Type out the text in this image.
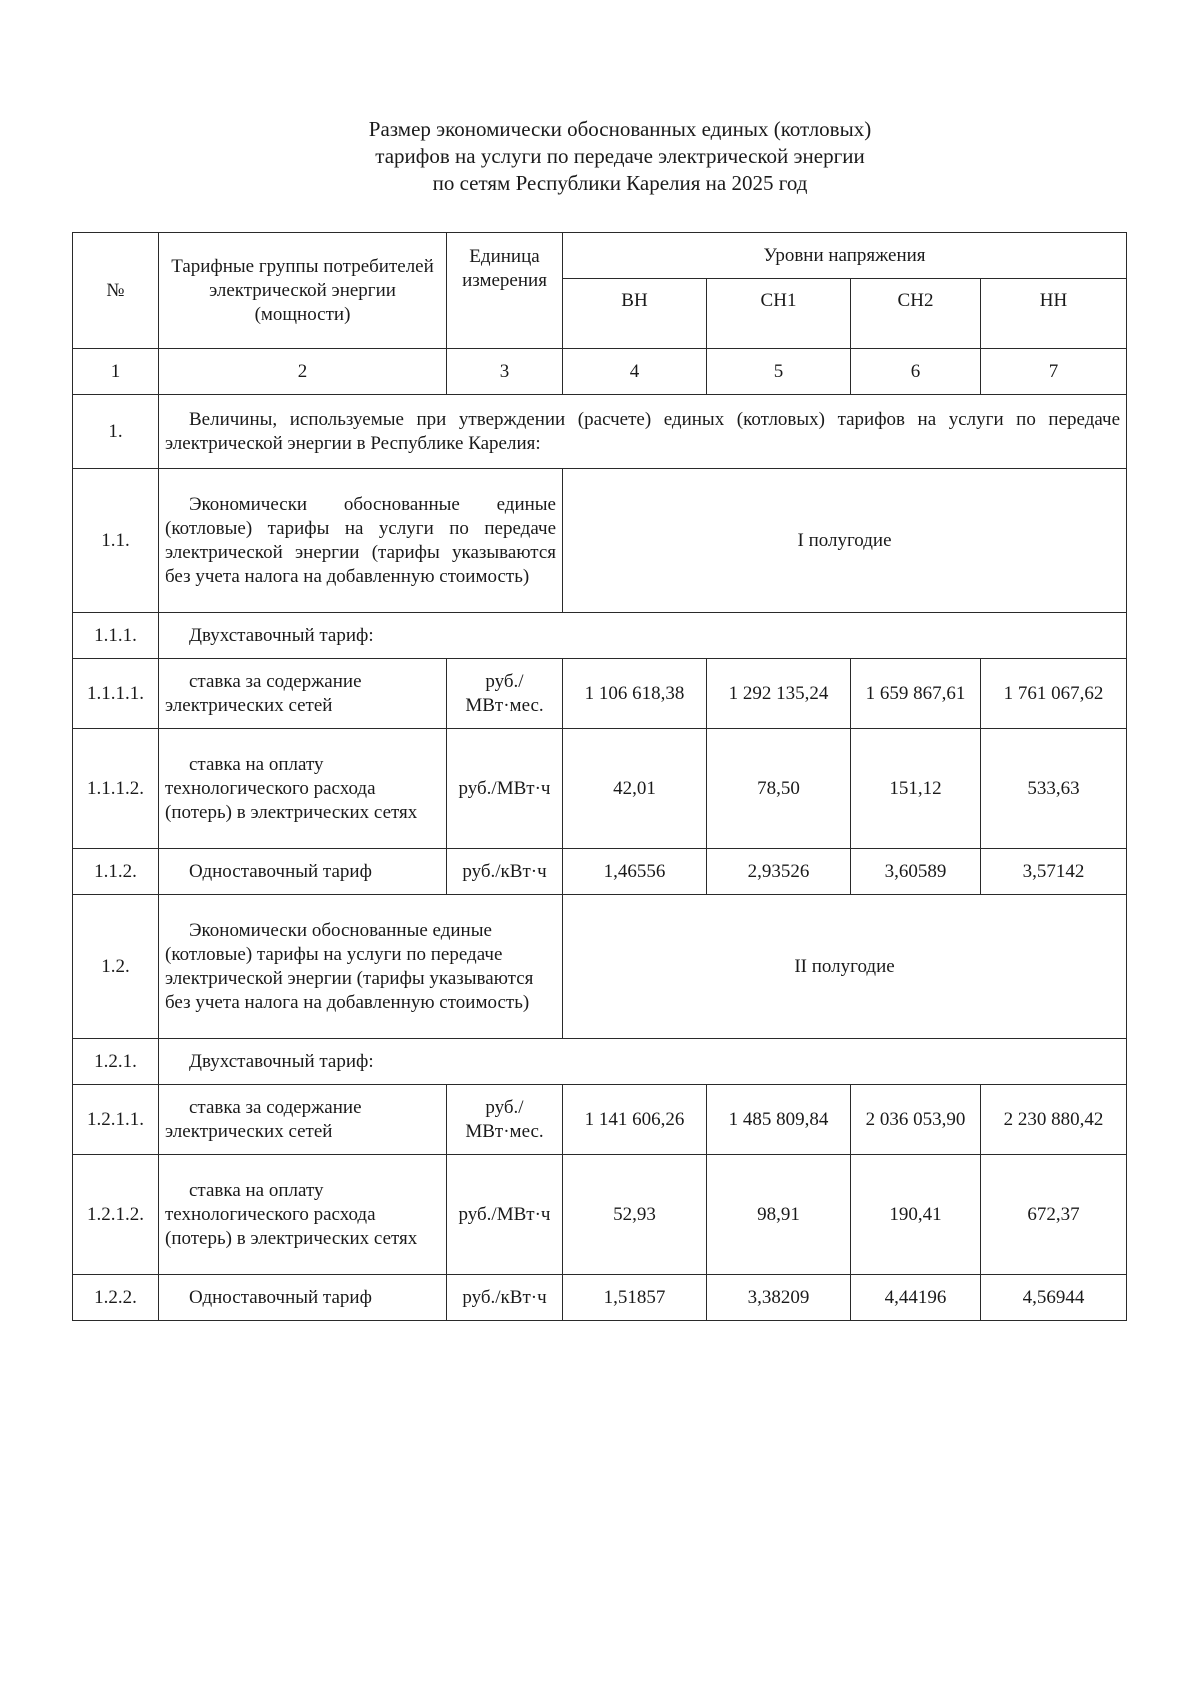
Размер экономически обоснованных единых (котловых)
тарифов на услуги по передаче электрической энергии
по сетям Республики Карелия на 2025 год
№	Тарифные группы потребителей электрической энергии (мощности)	Единица измерения	Уровни напряжения			
			ВН	СН1	СН2	НН
1	2	3	4	5	6	7
1.	Величины, используемые при утверждении (расчете) единых (котловых) тарифов на услуги по передаче электрической энергии в Республике Карелия:					
1.1.	Экономически обоснованные единые (котловые) тарифы на услуги по передаче электрической энергии (тарифы указываются без учета налога на добавленную стоимость)		I полугодие			
1.1.1.	Двухставочный тариф:					
1.1.1.1.	ставка за содержание электрических сетей	руб./МВт·мес.	1 106 618,38	1 292 135,24	1 659 867,61	1 761 067,62
1.1.1.2.	ставка на оплату технологического расхода (потерь) в электрических сетях	руб./МВт·ч	42,01	78,50	151,12	533,63
1.1.2.	Одноставочный тариф	руб./кВт·ч	1,46556	2,93526	3,60589	3,57142
1.2.	Экономически обоснованные единые (котловые) тарифы на услуги по передаче электрической энергии (тарифы указываются без учета налога на добавленную стоимость)		II полугодие			
1.2.1.	Двухставочный тариф:					
1.2.1.1.	ставка за содержание электрических сетей	руб./МВт·мес.	1 141 606,26	1 485 809,84	2 036 053,90	2 230 880,42
1.2.1.2.	ставка на оплату технологического расхода (потерь) в электрических сетях	руб./МВт·ч	52,93	98,91	190,41	672,37
1.2.2.	Одноставочный тариф	руб./кВт·ч	1,51857	3,38209	4,44196	4,56944
